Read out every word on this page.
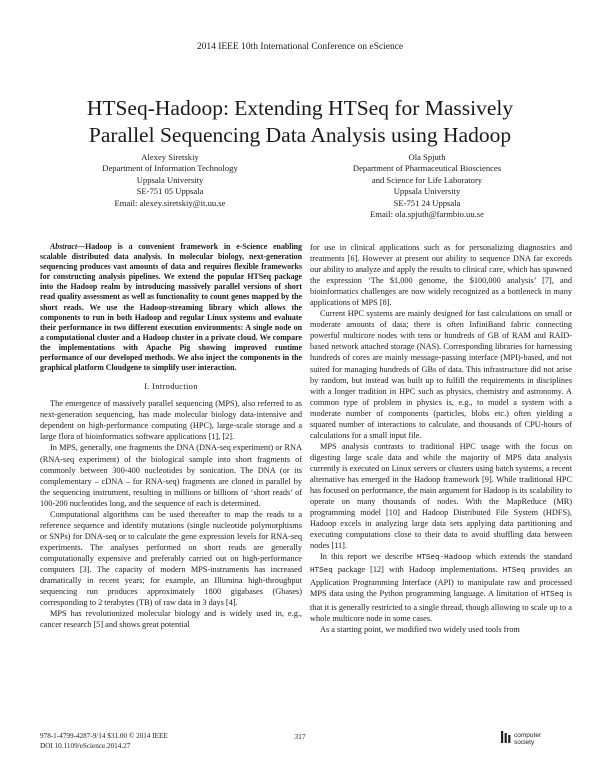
2014 IEEE 10th International Conference on eScience
HTSeq-Hadoop: Extending HTSeq for Massively
Parallel Sequencing Data Analysis using Hadoop
Alexey Siretskiy
Department of Information Technology
Uppsala University
SE-751 05 Uppsala
Email: alexey.siretskiy@it.uu.se
Ola Spjuth
Department of Pharmaceutical Biosciences
and Science for Life Laboratory
Uppsala University
SE-751 24 Uppsala
Email: ola.spjuth@farmbio.uu.se

Abstract—Hadoop is a convenient framework in e-Science enabling scalable distributed data analysis. In molecular biology, next-generation sequencing produces vast amounts of data and requires flexible frameworks for constructing analysis pipelines. We extend the popular HTSeq package into the Hadoop realm by introducing massively parallel versions of short read quality assessment as well as functionality to count genes mapped by the short reads. We use the Hadoop-streaming library which allows the components to run in both Hadoop and regular Linux systems and evaluate their performance in two different execution environments: A single node on a computational cluster and a Hadoop cluster in a private cloud. We compare the implementations with Apache Pig showing improved runtime performance of our developed methods. We also inject the components in the graphical platform Cloudgene to simplify user interaction.

I. Introduction

The emergence of massively parallel sequencing (MPS), also referred to as next-generation sequencing, has made molecular biology data-intensive and dependent on high-performance computing (HPC), large-scale storage and a large flora of bioinformatics software applications [1], [2].

In MPS, generally, one fragments the DNA (DNA-seq experiment) or RNA (RNA-seq experiment) of the biological sample into short fragments of commonly between 300-400 nucleotides by sonication. The DNA (or its complementary – cDNA – for RNA-seq) fragments are cloned in parallel by the sequencing instrument, resulting in millions or billions of ‘short reads’ of 100-200 nucleotides long, and the sequence of each is determined.

Computational algorithms can be used thereafter to map the reads to a reference sequence and identify mutations (single nucleotide polymorphisms or SNPs) for DNA-seq or to calculate the gene expression levels for RNA-seq experiments. The analyses performed on short reads are generally computationally expensive and preferably carried out on high-performance computers [3]. The capacity of modern MPS-instruments has increased dramatically in recent years; for example, an Illumina high-throughput sequencing run produces approximately 1800 gigabases (Gbases) corresponding to 2 terabytes (TB) of raw data in 3 days [4].

MPS has revolutionized molecular biology and is widely used in, e.g., cancer research [5] and shows great potential

for use in clinical applications such as for personalizing diagnostics and treatments [6]. However at present our ability to sequence DNA far exceeds our ability to analyze and apply the results to clinical care, which has spawned the expression ‘The $1,000 genome, the $100,000 analysis’ [7], and bioinformatics challenges are now widely recognized as a bottleneck in many applications of MPS [8].

Current HPC systems are mainly designed for fast calculations on small or moderate amounts of data; there is often InfiniBand fabric connecting powerful multicore nodes with tens or hundreds of GB of RAM and RAID-based network attached storage (NAS). Corresponding libraries for harnessing hundreds of cores are mainly message-passing interface (MPI)-based, and not suited for managing hundreds of GBs of data. This infrastructure did not arise by random, but instead was built up to fulfill the requirements in disciplines with a longer tradition in HPC such as physics, chemistry and astronomy. A common type of problem in physics is, e.g., to model a system with a moderate number of components (particles, blobs etc.) often yielding a squared number of interactions to calculate, and thousands of CPU-hours of calculations for a small input file.

MPS analysis contrasts to traditional HPC usage with the focus on digesting large scale data and while the majority of MPS data analysis currently is executed on Linux servers or clusters using batch systems, a recent alternative has emerged in the Hadoop framework [9]. While traditional HPC has focused on performance, the main argument for Hadoop is its scalability to operate on many thousands of nodes. With the MapReduce (MR) programming model [10] and Hadoop Distributed File System (HDFS), Hadoop excels in analyzing large data sets applying data partitioning and executing computations close to their data to avoid shuffling data between nodes [11].

In this report we describe HTSeq-Hadoop which extends the standard HTSeq package [12] with Hadoop implementations. HTSeq provides an Application Programming Interface (API) to manipulate raw and processed MPS data using the Python programming language. A limitation of HTSeq is that it is generally restricted to a single thread, though allowing to scale up to a whole multicore node in some cases.

As a starting point, we modified two widely used tools from

978-1-4799-4287-9/14 $31.00 © 2014 IEEE
DOI 10.1109/eScience.2014.27
317	computer
society
